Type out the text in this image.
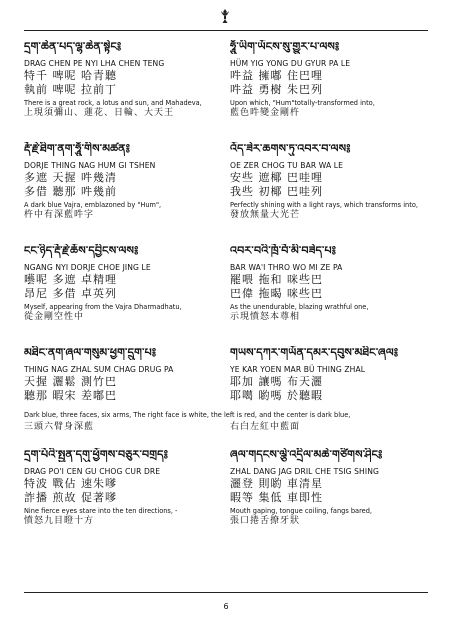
དྲག་ཆེན་པད་ལྷ་ཆེན་སྟེང༔
DRAG CHEN PE NYI LHA CHEN TENG
特千 啤呢 哈青聽
執前 啤呢 拉前丁
There is a great rock, a lotus and sun, and Mahadeva,
上現須彌山、蓮花、日輪、大天王
ཧཱུྃ་ཡིག་ཡོངས་སུ་གྱུར་པ་ལས༔
HÜM YIG YONG DU GYUR PA LE
吽益 擁嘟 住巴哩
吽益 勇樹 朱巴列
Upon which, "Hum"totally-transformed into,
藍色吽變金剛杵
རྡོ་རྗེ་ཐིག་ནག་ཧཱུྃ་གིས་མཚན༔
DORJE THING NAG HUM GI TSHEN
多遮 天握 吽幾清
多借 聽那 吽幾前
A dark blue Vajra, emblazoned by "Hum",
杵中有深藍吽字
འོད་ཟེར་ཆགས་ཏུ་འབར་བ་ལས༔
OE ZER CHOG TU BAR WA LE
安些 遮椰 巴哇哩
我些 初椰 巴哇列
Perfectly shining with a light rays, which transforms into,
發放無量大光芒
ངང་ཉིད་རྡོ་རྗེ་ཆོས་དབྱིངས་ལས༔
NGANG NYI DORJE CHOE JING LE
囈呢 多遮 卓精哩
昂尼 多借 卓英列
Myself, appearing from the Vajra Dharmadhatu,
從金剛空性中
འབར་བའི་ཁྲོ་བོ་མི་བཟེད་པ༔
BAR WA'I THRO WO MI ZE PA
罷喂 拖和 咪些巴
巴偉 拖暍 咪些巴
As the unendurable, blazing wrathful one,
示現憤怒本尊相
མཐིང་ནག་ཞལ་གསུམ་ཕྱག་དྲུག་པ༔
THING NAG ZHAL SUM CHAG DRUG PA
天握 灑鬆 測竹巴
聽那 暇宋 差嘟巴
གཡས་དཀར་གཡོན་དམར་དབུས་མཐིང་ཞལ༔
YE KAR YOEN MAR BÜ THING ZHAL
耶加 讓嗎 布天灑
耶噶 喲嗎 於聽暇
Dark blue, three faces, six arms, The right face is white, the left is red, and the center is dark blue,
三頭六臂身深藍	右白左紅中藍面
དྲག་པོའི་སྤྱན་དགུ་ཕྱོགས་བཅུར་བགྲད༔
DRAG PO'I CEN GU CHOG CUR DRE
特波 戰佔 速朱嗲
詐播 煎故 促著嗲
Nine fierce eyes stare into the ten directions, -
憤怒九目瞪十方
ཞལ་གདངས་ལྕེ་འདྲིལ་མཆེ་གཙིགས་ཤིང༔
ZHAL DANG JAG DRIL CHE TSIG SHING
灑登 則喲 車清星
暇等 集低 車即性
Mouth gaping, tongue coiling, fangs bared,
張口捲舌撩牙狀
6
